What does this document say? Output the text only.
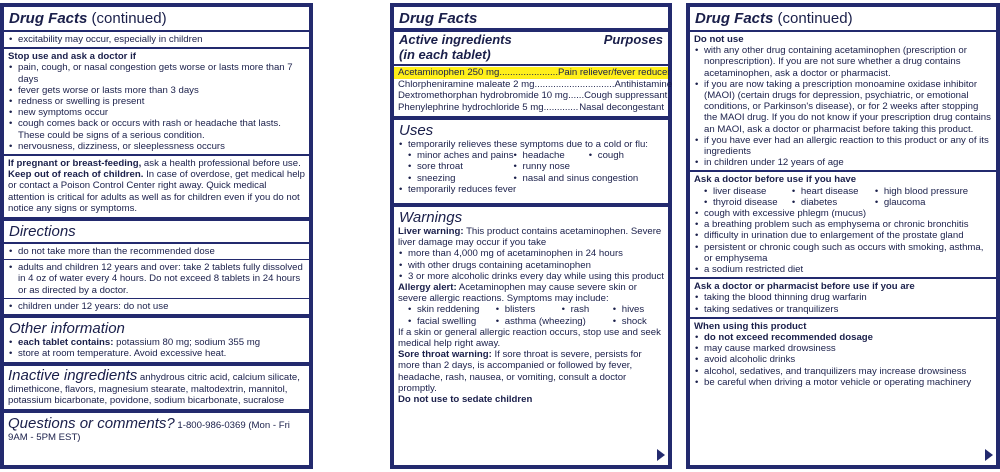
Drug Facts (continued)
• excitability may occur, especially in children
Stop use and ask a doctor if
• pain, cough, or nasal congestion gets worse or lasts more than 7 days
• fever gets worse or lasts more than 3 days
• redness or swelling is present
• new symptoms occur
• cough comes back or occurs with rash or headache that lasts. These could be signs of a serious condition.
• nervousness, dizziness, or sleeplessness occurs
If pregnant or breast-feeding, ask a health professional before use.
Keep out of reach of children. In case of overdose, get medical help or contact a Poison Control Center right away. Quick medical attention is critical for adults as well as for children even if you do not notice any signs or symptoms.
Directions
• do not take more than the recommended dose
• adults and children 12 years and over: take 2 tablets fully dissolved in 4 oz of water every 4 hours. Do not exceed 8 tablets in 24 hours or as directed by a doctor.
• children under 12 years: do not use
Other information
• each tablet contains: potassium 80 mg; sodium 355 mg
• store at room temperature. Avoid excessive heat.
Inactive ingredients anhydrous citric acid, calcium silicate, dimethicone, flavors, magnesium stearate, maltodextrin, mannitol, potassium bicarbonate, povidone, sodium bicarbonate, sucralose
Questions or comments? 1-800-986-0369 (Mon - Fri 9AM - 5PM EST)
Drug Facts
Active ingredients	Purposes
(in each tablet)
Acetaminophen 250 mg ...................... Pain reliever/fever reducer
Chlorpheniramine maleate 2 mg .............................. Antihistamine
Dextromethorphan hydrobromide 10 mg ...... Cough suppressant
Phenylephrine hydrochloride 5 mg ............. Nasal decongestant
Uses
• temporarily relieves these symptoms due to a cold or flu:
• minor aches and pains • headache	• cough
• sore throat	• runny nose
• sneezing	• nasal and sinus congestion
• temporarily reduces fever
Warnings
Liver warning: This product contains acetaminophen. Severe liver damage may occur if you take
• more than 4,000 mg of acetaminophen in 24 hours
• with other drugs containing acetaminophen
• 3 or more alcoholic drinks every day while using this product
Allergy alert: Acetaminophen may cause severe skin or severe allergic reactions. Symptoms may include:
• skin reddening	• blisters	• rash	• hives
• facial swelling	• asthma (wheezing)	• shock
If a skin or general allergic reaction occurs, stop use and seek medical help right away.
Sore throat warning: If sore throat is severe, persists for more than 2 days, is accompanied or followed by fever, headache, rash, nausea, or vomiting, consult a doctor promptly.
Do not use to sedate children
Drug Facts (continued)
Do not use
• with any other drug containing acetaminophen (prescription or nonprescription). If you are not sure whether a drug contains acetaminophen, ask a doctor or pharmacist.
• if you are now taking a prescription monoamine oxidase inhibitor (MAOI) (certain drugs for depression, psychiatric, or emotional conditions, or Parkinson's disease), or for 2 weeks after stopping the MAOI drug. If you do not know if your prescription drug contains an MAOI, ask a doctor or pharmacist before taking this product.
• if you have ever had an allergic reaction to this product or any of its ingredients
• in children under 12 years of age
Ask a doctor before use if you have
• liver disease	• heart disease	• high blood pressure
• thyroid disease	• diabetes	• glaucoma
• cough with excessive phlegm (mucus)
• a breathing problem such as emphysema or chronic bronchitis
• difficulty in urination due to enlargement of the prostate gland
• persistent or chronic cough such as occurs with smoking, asthma, or emphysema
• a sodium restricted diet
Ask a doctor or pharmacist before use if you are
• taking the blood thinning drug warfarin
• taking sedatives or tranquilizers
When using this product
• do not exceed recommended dosage
• may cause marked drowsiness
• avoid alcoholic drinks
• alcohol, sedatives, and tranquilizers may increase drowsiness
• be careful when driving a motor vehicle or operating machinery
